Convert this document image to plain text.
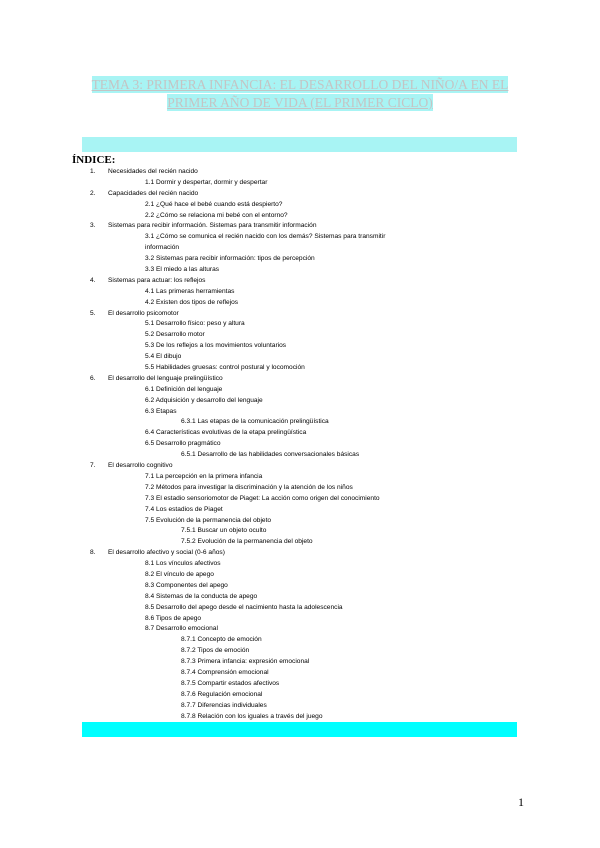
TEMA 3: PRIMERA INFANCIA: EL DESARROLLO DEL NIÑO/A EN EL
PRIMER AÑO DE VIDA (EL PRIMER CICLO)
ÍNDICE:
1. Necesidades del recién nacido
1.1 Dormir y despertar, dormir y despertar
2. Capacidades del recién nacido
2.1 ¿Qué hace el bebé cuando está despierto?
2.2 ¿Cómo se relaciona mi bebé con el entorno?
3. Sistemas para recibir información. Sistemas para transmitir información
3.1 ¿Cómo se comunica el recién nacido con los demás? Sistemas para transmitir
información
3.2 Sistemas para recibir información: tipos de percepción
3.3 El miedo a las alturas
4. Sistemas para actuar: los reflejos
4.1 Las primeras herramientas
4.2 Existen dos tipos de reflejos
5. El desarrollo psicomotor
5.1 Desarrollo físico: peso y altura
5.2 Desarrollo motor
5.3 De los reflejos a los movimientos voluntarios
5.4 El dibujo
5.5 Habilidades gruesas: control postural y locomoción
6. El desarrollo del lenguaje prelingüístico
6.1 Definición del lenguaje
6.2 Adquisición y desarrollo del lenguaje
6.3 Etapas
6.3.1 Las etapas de la comunicación prelingüística
6.4 Características evolutivas de la etapa prelingüística
6.5 Desarrollo pragmático
6.5.1 Desarrollo de las habilidades conversacionales básicas
7. El desarrollo cognitivo
7.1 La percepción en la primera infancia
7.2 Métodos para investigar la discriminación y la atención de los niños
7.3 El estadio sensoriomotor de Piaget: La acción como origen del conocimiento
7.4 Los estadios de Piaget
7.5 Evolución de la permanencia del objeto
7.5.1 Buscar un objeto oculto
7.5.2 Evolución de la permanencia del objeto
8. El desarrollo afectivo y social (0-6 años)
8.1 Los vínculos afectivos
8.2 El vínculo de apego
8.3 Componentes del apego
8.4 Sistemas de la conducta de apego
8.5 Desarrollo del apego desde el nacimiento hasta la adolescencia
8.6 Tipos de apego
8.7 Desarrollo emocional
8.7.1 Concepto de emoción
8.7.2 Tipos de emoción
8.7.3 Primera infancia: expresión emocional
8.7.4 Comprensión emocional
8.7.5 Compartir estados afectivos
8.7.6 Regulación emocional
8.7.7 Diferencias individuales
8.7.8 Relación con los iguales a través del juego
1
